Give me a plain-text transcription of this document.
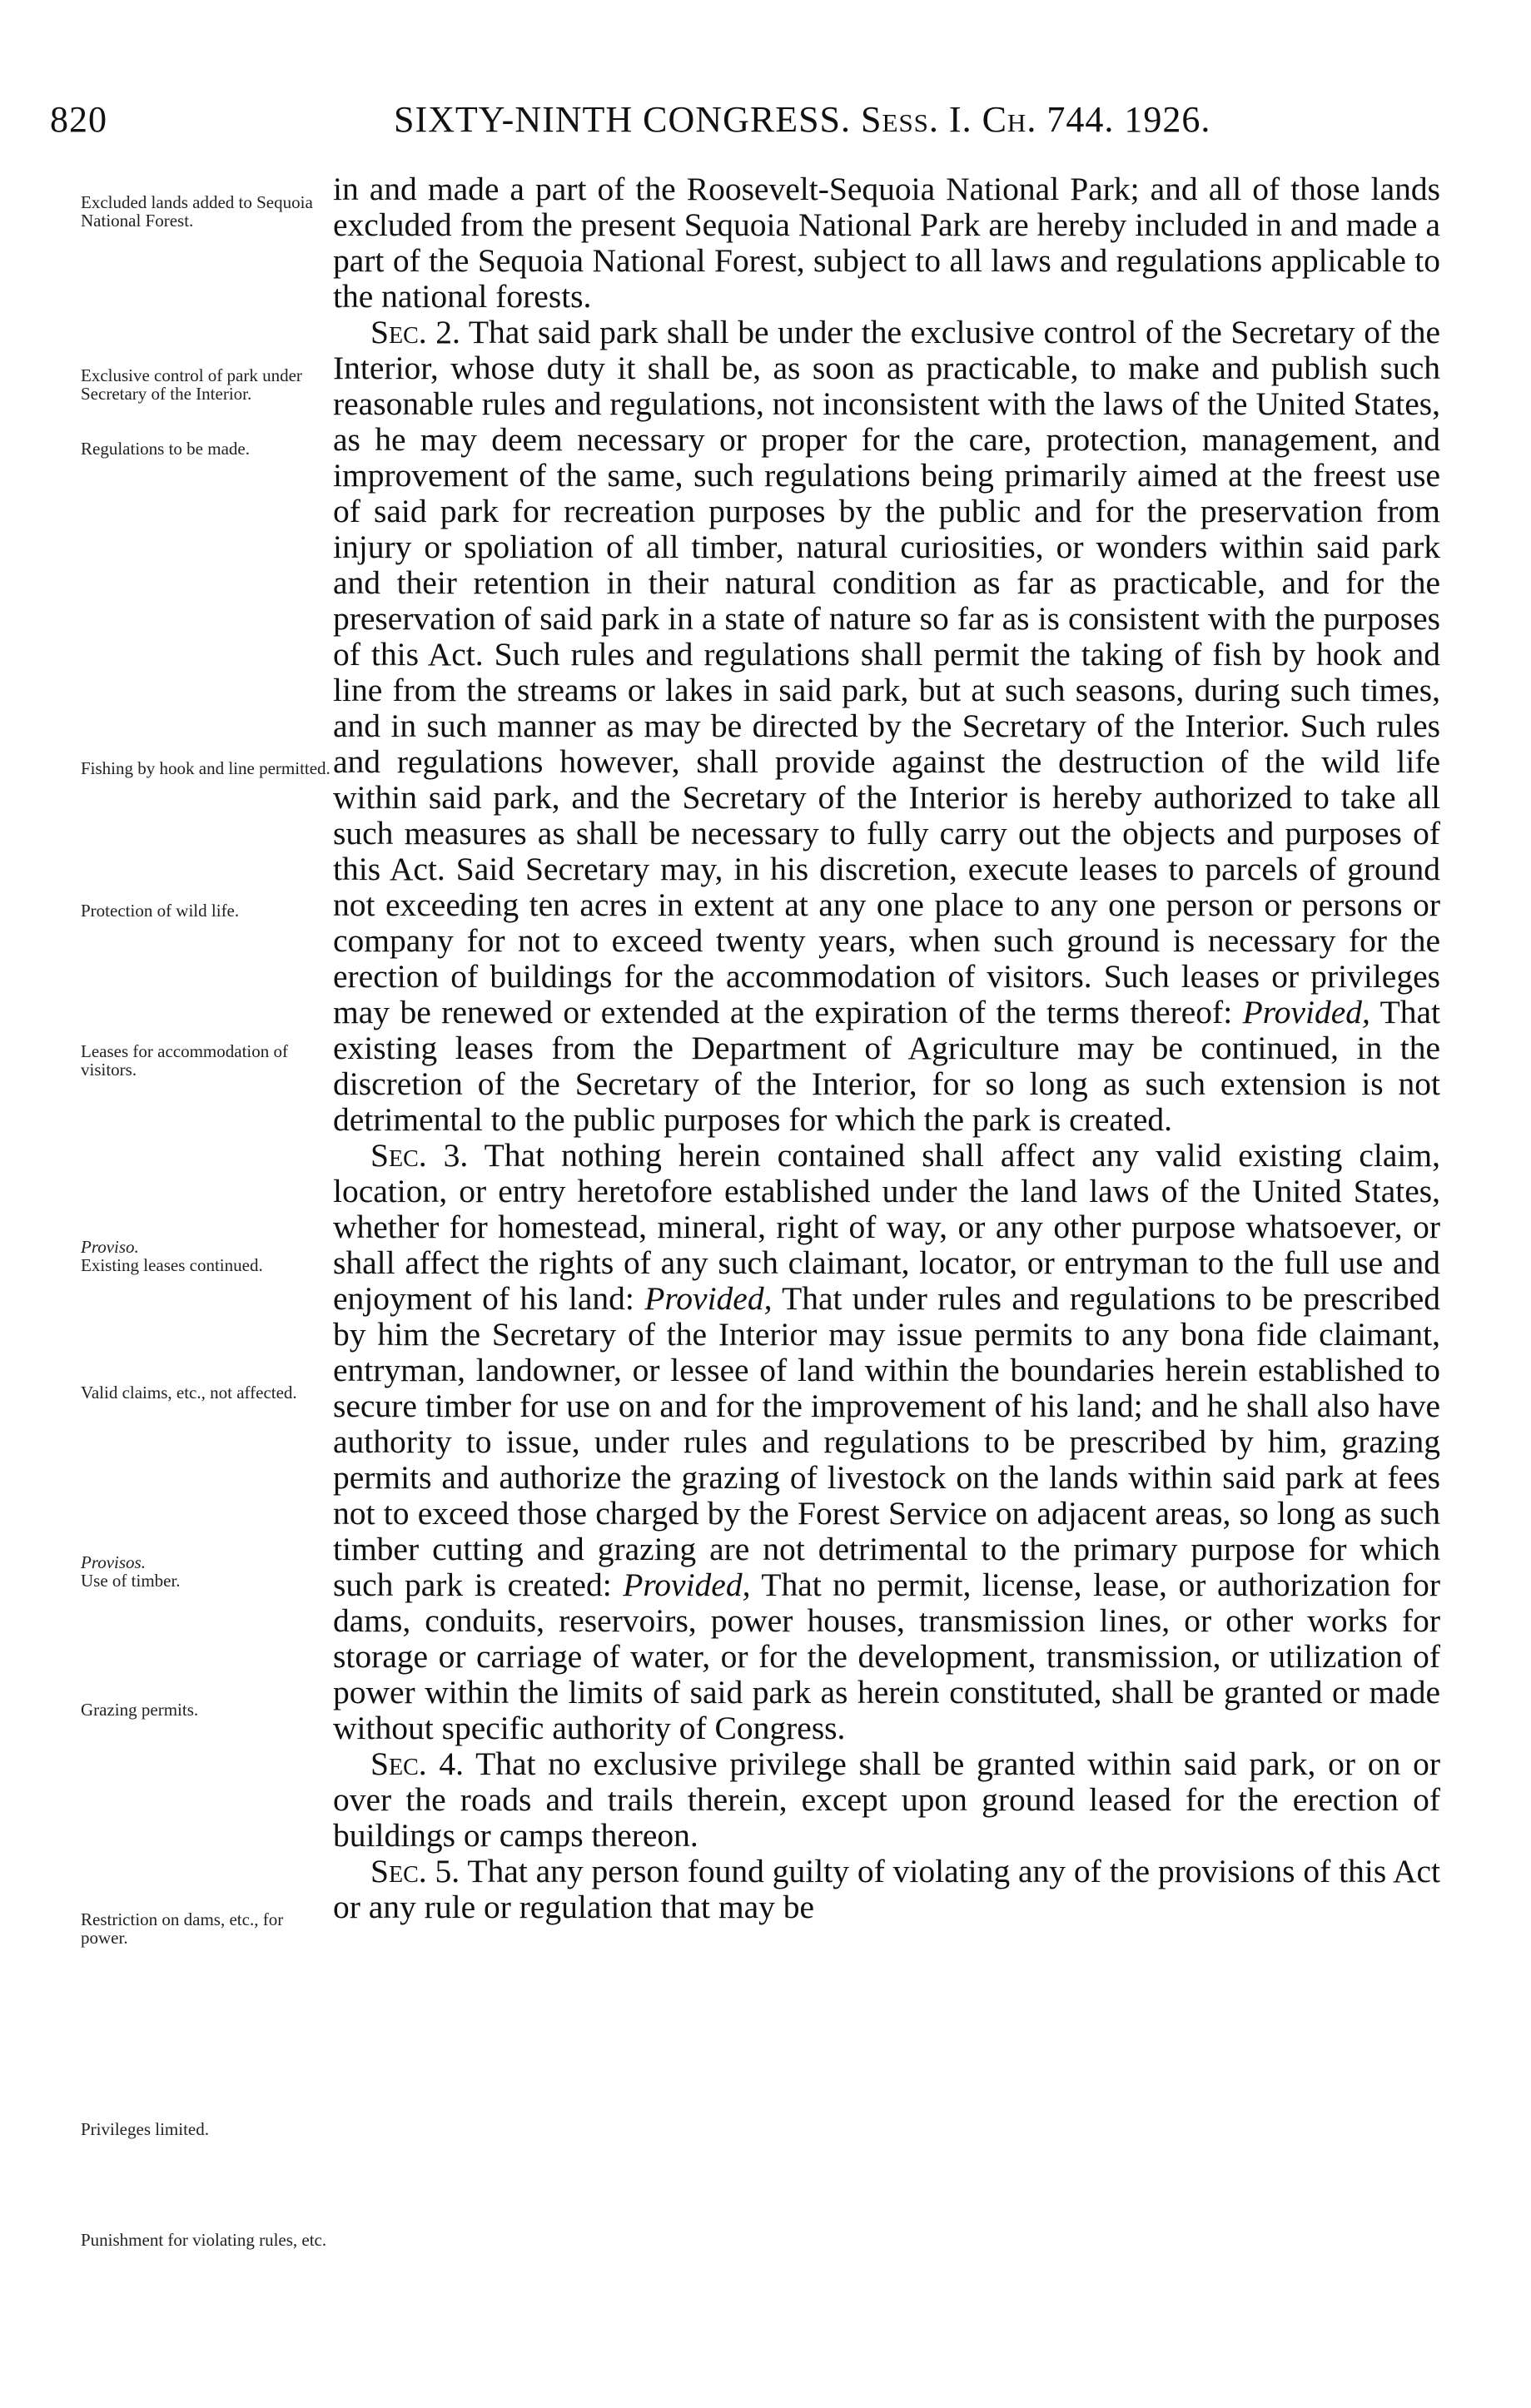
820	SIXTY-NINTH CONGRESS. Sess. I. Ch. 744. 1926.
Excluded lands added to Sequoia National Forest.
Exclusive control of park under Secretary of the Interior.
Regulations to be made.
Fishing by hook and line permitted.
Protection of wild life.
Leases for accommodation of visitors.
Proviso.
Existing leases continued.
Valid claims, etc., not affected.
Provisos.
Use of timber.
Grazing permits.
Restriction on dams, etc., for power.
Privileges limited.
Punishment for violating rules, etc.

in and made a part of the Roosevelt-Sequoia National Park; and all of those lands excluded from the present Sequoia National Park are hereby included in and made a part of the Sequoia National Forest, subject to all laws and regulations applicable to the national forests.

Sec. 2. That said park shall be under the exclusive control of the Secretary of the Interior, whose duty it shall be, as soon as practicable, to make and publish such reasonable rules and regulations, not inconsistent with the laws of the United States, as he may deem necessary or proper for the care, protection, management, and improvement of the same, such regulations being primarily aimed at the freest use of said park for recreation purposes by the public and for the preservation from injury or spoliation of all timber, natural curiosities, or wonders within said park and their retention in their natural condition as far as practicable, and for the preservation of said park in a state of nature so far as is consistent with the purposes of this Act. Such rules and regulations shall permit the taking of fish by hook and line from the streams or lakes in said park, but at such seasons, during such times, and in such manner as may be directed by the Secretary of the Interior. Such rules and regulations however, shall provide against the destruction of the wild life within said park, and the Secretary of the Interior is hereby authorized to take all such measures as shall be necessary to fully carry out the objects and purposes of this Act. Said Secretary may, in his discretion, execute leases to parcels of ground not exceeding ten acres in extent at any one place to any one person or persons or company for not to exceed twenty years, when such ground is necessary for the erection of buildings for the accommodation of visitors. Such leases or privileges may be renewed or extended at the expiration of the terms thereof: Provided, That existing leases from the Department of Agriculture may be continued, in the discretion of the Secretary of the Interior, for so long as such extension is not detrimental to the public purposes for which the park is created.

Sec. 3. That nothing herein contained shall affect any valid existing claim, location, or entry heretofore established under the land laws of the United States, whether for homestead, mineral, right of way, or any other purpose whatsoever, or shall affect the rights of any such claimant, locator, or entryman to the full use and enjoyment of his land: Provided, That under rules and regulations to be prescribed by him the Secretary of the Interior may issue permits to any bona fide claimant, entryman, landowner, or lessee of land within the boundaries herein established to secure timber for use on and for the improvement of his land; and he shall also have authority to issue, under rules and regulations to be prescribed by him, grazing permits and authorize the grazing of livestock on the lands within said park at fees not to exceed those charged by the Forest Service on adjacent areas, so long as such timber cutting and grazing are not detrimental to the primary purpose for which such park is created: Provided, That no permit, license, lease, or authorization for dams, conduits, reservoirs, power houses, transmission lines, or other works for storage or carriage of water, or for the development, transmission, or utilization of power within the limits of said park as herein constituted, shall be granted or made without specific authority of Congress.

Sec. 4. That no exclusive privilege shall be granted within said park, or on or over the roads and trails therein, except upon ground leased for the erection of buildings or camps thereon.

Sec. 5. That any person found guilty of violating any of the provisions of this Act or any rule or regulation that may be
